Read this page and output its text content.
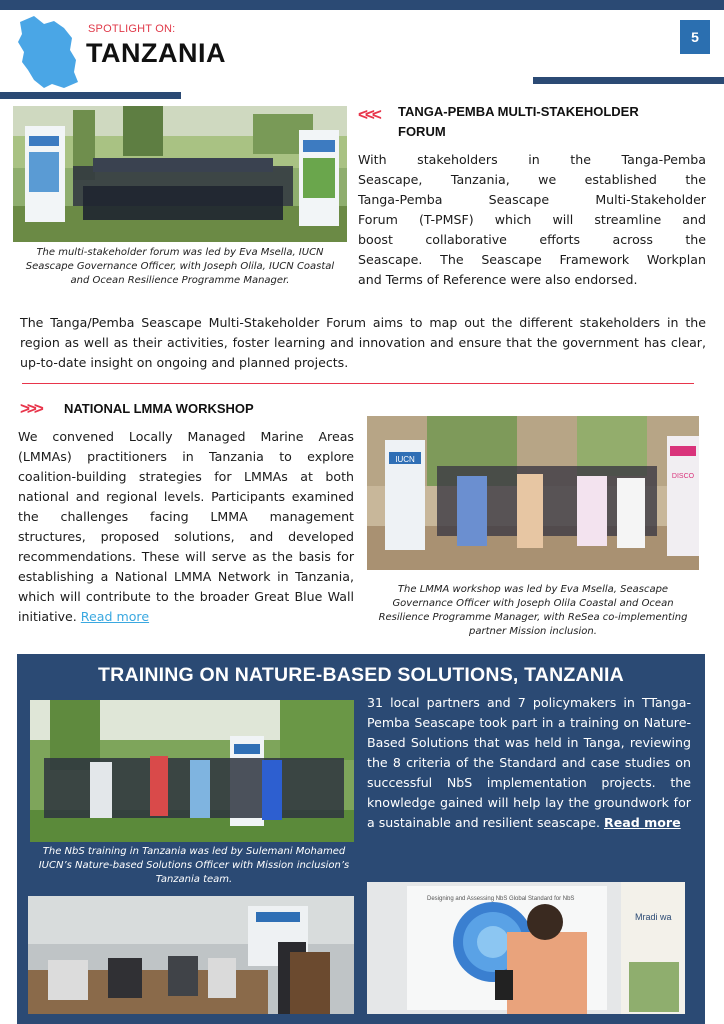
SPOTLIGHT ON:
TANZANIA
5
The multi-stakeholder forum was led by Eva Msella, IUCN Seascape Governance Officer, with Joseph Olila, IUCN Coastal and Ocean Resilience Programme Manager.
<<< TANGA-PEMBA MULTI-STAKEHOLDER
FORUM
With stakeholders in the Tanga-Pemba
Seascape, Tanzania, we established the
Tanga-Pemba Seascape Multi-Stakeholder
Forum (T-PMSF) which will streamline and
boost collaborative efforts across the
Seascape. The Seascape Framework Workplan
and Terms of Reference were also endorsed.
The Tanga/Pemba Seascape Multi-Stakeholder Forum aims to map out the different stakeholders in the region as well as their activities, foster learning and innovation and ensure that the government has clear, up-to-date insight on ongoing and planned projects.
>>> NATIONAL LMMA WORKSHOP
We convened Locally Managed Marine Areas (LMMAs) practitioners in Tanzania to explore coalition-building strategies for LMMAs at both national and regional levels. Participants examined the challenges facing LMMA management structures, proposed solutions, and developed recommendations. These will serve as the basis for establishing a National LMMA Network in Tanzania, which will contribute to the broader Great Blue Wall initiative. Read more
IUCN
DISCO
The LMMA workshop was led by Eva Msella, Seascape Governance Officer with Joseph Olila Coastal and Ocean Resilience Programme Manager, with ReSea co-implementing partner Mission inclusion.
TRAINING ON NATURE-BASED SOLUTIONS, TANZANIA
The NbS training in Tanzania was led by Sulemani Mohamed IUCN’s Nature-based Solutions Officer with Mission inclusion’s Tanzania team.
31 local partners and 7 policymakers in TTanga-Pemba Seascape took part in a training on Nature-Based Solutions that was held in Tanga, reviewing the 8 criteria of the Standard and case studies on successful NbS implementation projects. the knowledge gained will help lay the groundwork for a sustainable and resilient seascape. Read more
Designing and Assessing NbS Global Standard for NbS
Mradi wa
